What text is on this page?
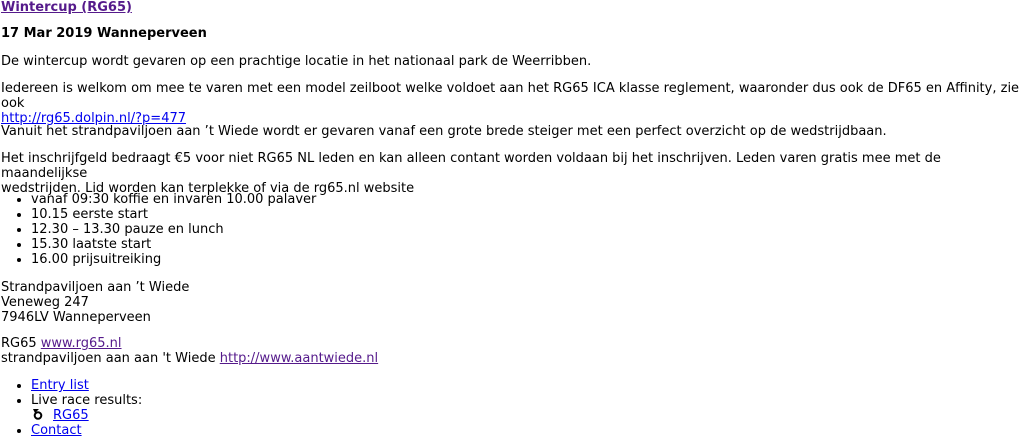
Wintercup (RG65)
17 Mar 2019 Wanneperveen

De wintercup wordt gevaren op een prachtige locatie in het nationaal park de Weerribben.

Iedereen is welkom om mee te varen met een model zeilboot welke voldoet aan het RG65 ICA klasse reglement, waaronder dus ook de DF65 en Affinity, zie ook
http://rg65.dolpin.nl/?p=477

Vanuit het strandpaviljoen aan ’t Wiede wordt er gevaren vanaf een grote brede steiger met een perfect overzicht op de wedstrijdbaan.

Het inschrijfgeld bedraagt €5 voor niet RG65 NL leden en kan alleen contant worden voldaan bij het inschrijven. Leden varen gratis mee met de maandelijkse
wedstrijden. Lid worden kan terplekke of via de rg65.nl website

• vanaf 09:30 koffie en invaren 10.00 palaver
• 10.15 eerste start
• 12.30 – 13.30 pauze en lunch
• 15.30 laatste start
• 16.00 prijsuitreiking
Strandpaviljoen aan ’t Wiede
Veneweg 247
7946LV Wanneperveen
RG65 www.rg65.nl
strandpaviljoen aan aan 't Wiede http://www.aantwiede.nl
• Entry list
• Live race results:
RG65
• Contact
